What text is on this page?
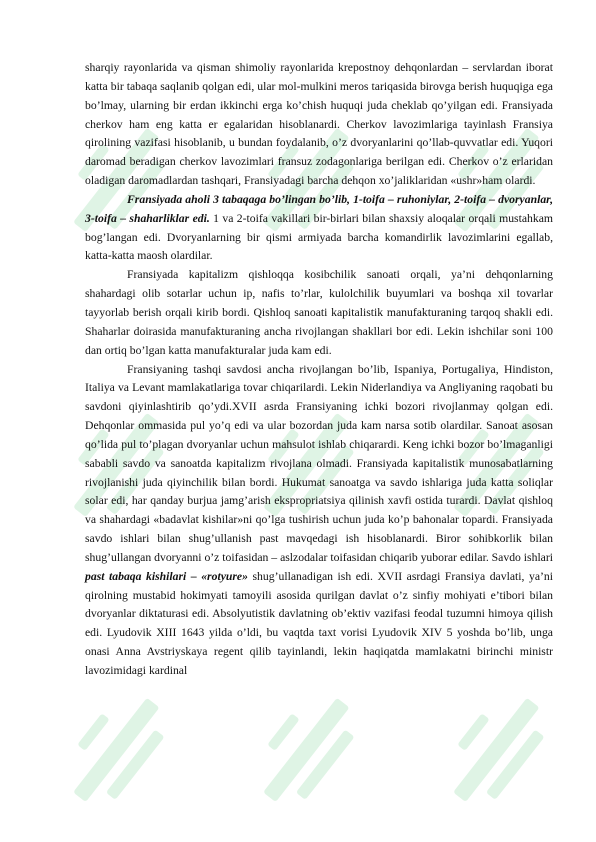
sharqiy rayonlarida va qisman shimoliy rayonlarida krepostnoy dehqonlardan – servlardan iborat katta bir tabaqa saqlanib qolgan edi, ular mol-mulkini meros tariqasida birovga berish huquqiga ega bo’lmay, ularning bir erdan ikkinchi erga ko’chish huquqi juda cheklab qo’yilgan edi. Fransiyada cherkov ham eng katta er egalaridan hisoblanardi. Cherkov lavozimlariga tayinlash Fransiya qirolining vazifasi hisoblanib, u bundan foydalanib, o’z dvoryanlarini qo’llab-quvvatlar edi. Yuqori daromad beradigan cherkov lavozimlari fransuz zodagonlariga berilgan edi. Cherkov o’z erlaridan oladigan daromadlardan tashqari, Fransiyadagi barcha dehqon xo’jaliklaridan «ushr»ham olardi.

Fransiyada aholi 3 tabaqaga bo’lingan bo’lib, 1-toifa – ruhoniylar, 2-toifa – dvoryanlar, 3-toifa – shaharliklar edi. 1 va 2-toifa vakillari bir-birlari bilan shaxsiy aloqalar orqali mustahkam bog’langan edi. Dvoryanlarning bir qismi armiyada barcha komandirlik lavozimlarini egallab, katta-katta maosh olardilar.

Fransiyada kapitalizm qishloqqa kosibchilik sanoati orqali, ya’ni dehqonlarning shahardagi olib sotarlar uchun ip, nafis to’rlar, kulolchilik buyumlari va boshqa xil tovarlar tayyorlab berish orqali kirib bordi. Qishloq sanoati kapitalistik manufakturaning tarqoq shakli edi. Shaharlar doirasida manufakturaning ancha rivojlangan shakllari bor edi. Lekin ishchilar soni 100 dan ortiq bo’lgan katta manufakturalar juda kam edi.

Fransiyaning tashqi savdosi ancha rivojlangan bo’lib, Ispaniya, Portugaliya, Hindiston, Italiya va Levant mamlakatlariga tovar chiqarilardi. Lekin Niderlandiya va Angliyaning raqobati bu savdoni qiyinlashtirib qo’ydi.XVII asrda Fransiyaning ichki bozori rivojlanmay qolgan edi. Dehqonlar ommasida pul yo’q edi va ular bozordan juda kam narsa sotib olardilar. Sanoat asosan qo’lida pul to’plagan dvoryanlar uchun mahsulot ishlab chiqarardi. Keng ichki bozor bo’lmaganligi sababli savdo va sanoatda kapitalizm rivojlana olmadi. Fransiyada kapitalistik munosabatlarning rivojlanishi juda qiyinchilik bilan bordi. Hukumat sanoatga va savdo ishlariga juda katta soliqlar solar edi, har qanday burjua jamg’arish ekspropriatsiya qilinish xavfi ostida turardi. Davlat qishloq va shahardagi «badavlat kishilar»ni qo’lga tushirish uchun juda ko’p bahonalar topardi. Fransiyada savdo ishlari bilan shug’ullanish past mavqedagi ish hisoblanardi. Biror sohibkorlik bilan shug’ullangan dvoryanni o’z toifasidan – aslzodalar toifasidan chiqarib yuborar edilar. Savdo ishlari past tabaqa kishilari – «rotyure» shug’ullanadigan ish edi. XVII asrdagi Fransiya davlati, ya’ni qirolning mustabid hokimyati tamoyili asosida qurilgan davlat o’z sinfiy mohiyati e’tibori bilan dvoryanlar diktaturasi edi. Absolyutistik davlatning ob’ektiv vazifasi feodal tuzumni himoya qilish edi. Lyudovik XIII 1643 yilda o’ldi, bu vaqtda taxt vorisi Lyudovik XIV 5 yoshda bo’lib, unga onasi Anna Avstriyskaya regent qilib tayinlandi, lekin haqiqatda mamlakatni birinchi ministr lavozimidagi kardinal
